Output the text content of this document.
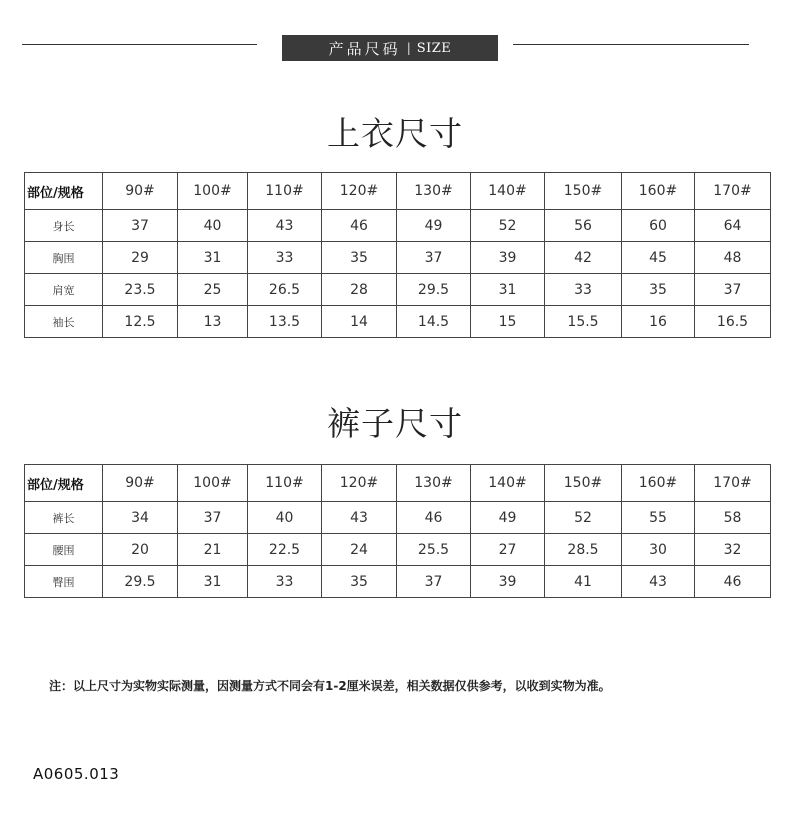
产品尺码 | SIZE
上衣尺寸
部位/规格	90#	100#	110#	120#	130#	140#	150#	160#	170#
身长	37	40	43	46	49	52	56	60	64
胸围	29	31	33	35	37	39	42	45	48
肩宽	23.5	25	26.5	28	29.5	31	33	35	37
袖长	12.5	13	13.5	14	14.5	15	15.5	16	16.5
裤子尺寸
部位/规格	90#	100#	110#	120#	130#	140#	150#	160#	170#
裤长	34	37	40	43	46	49	52	55	58
腰围	20	21	22.5	24	25.5	27	28.5	30	32
臀围	29.5	31	33	35	37	39	41	43	46
注：以上尺寸为实物实际测量，因测量方式不同会有1-2厘米误差，相关数据仅供参考，以收到实物为准。
A0605.013
